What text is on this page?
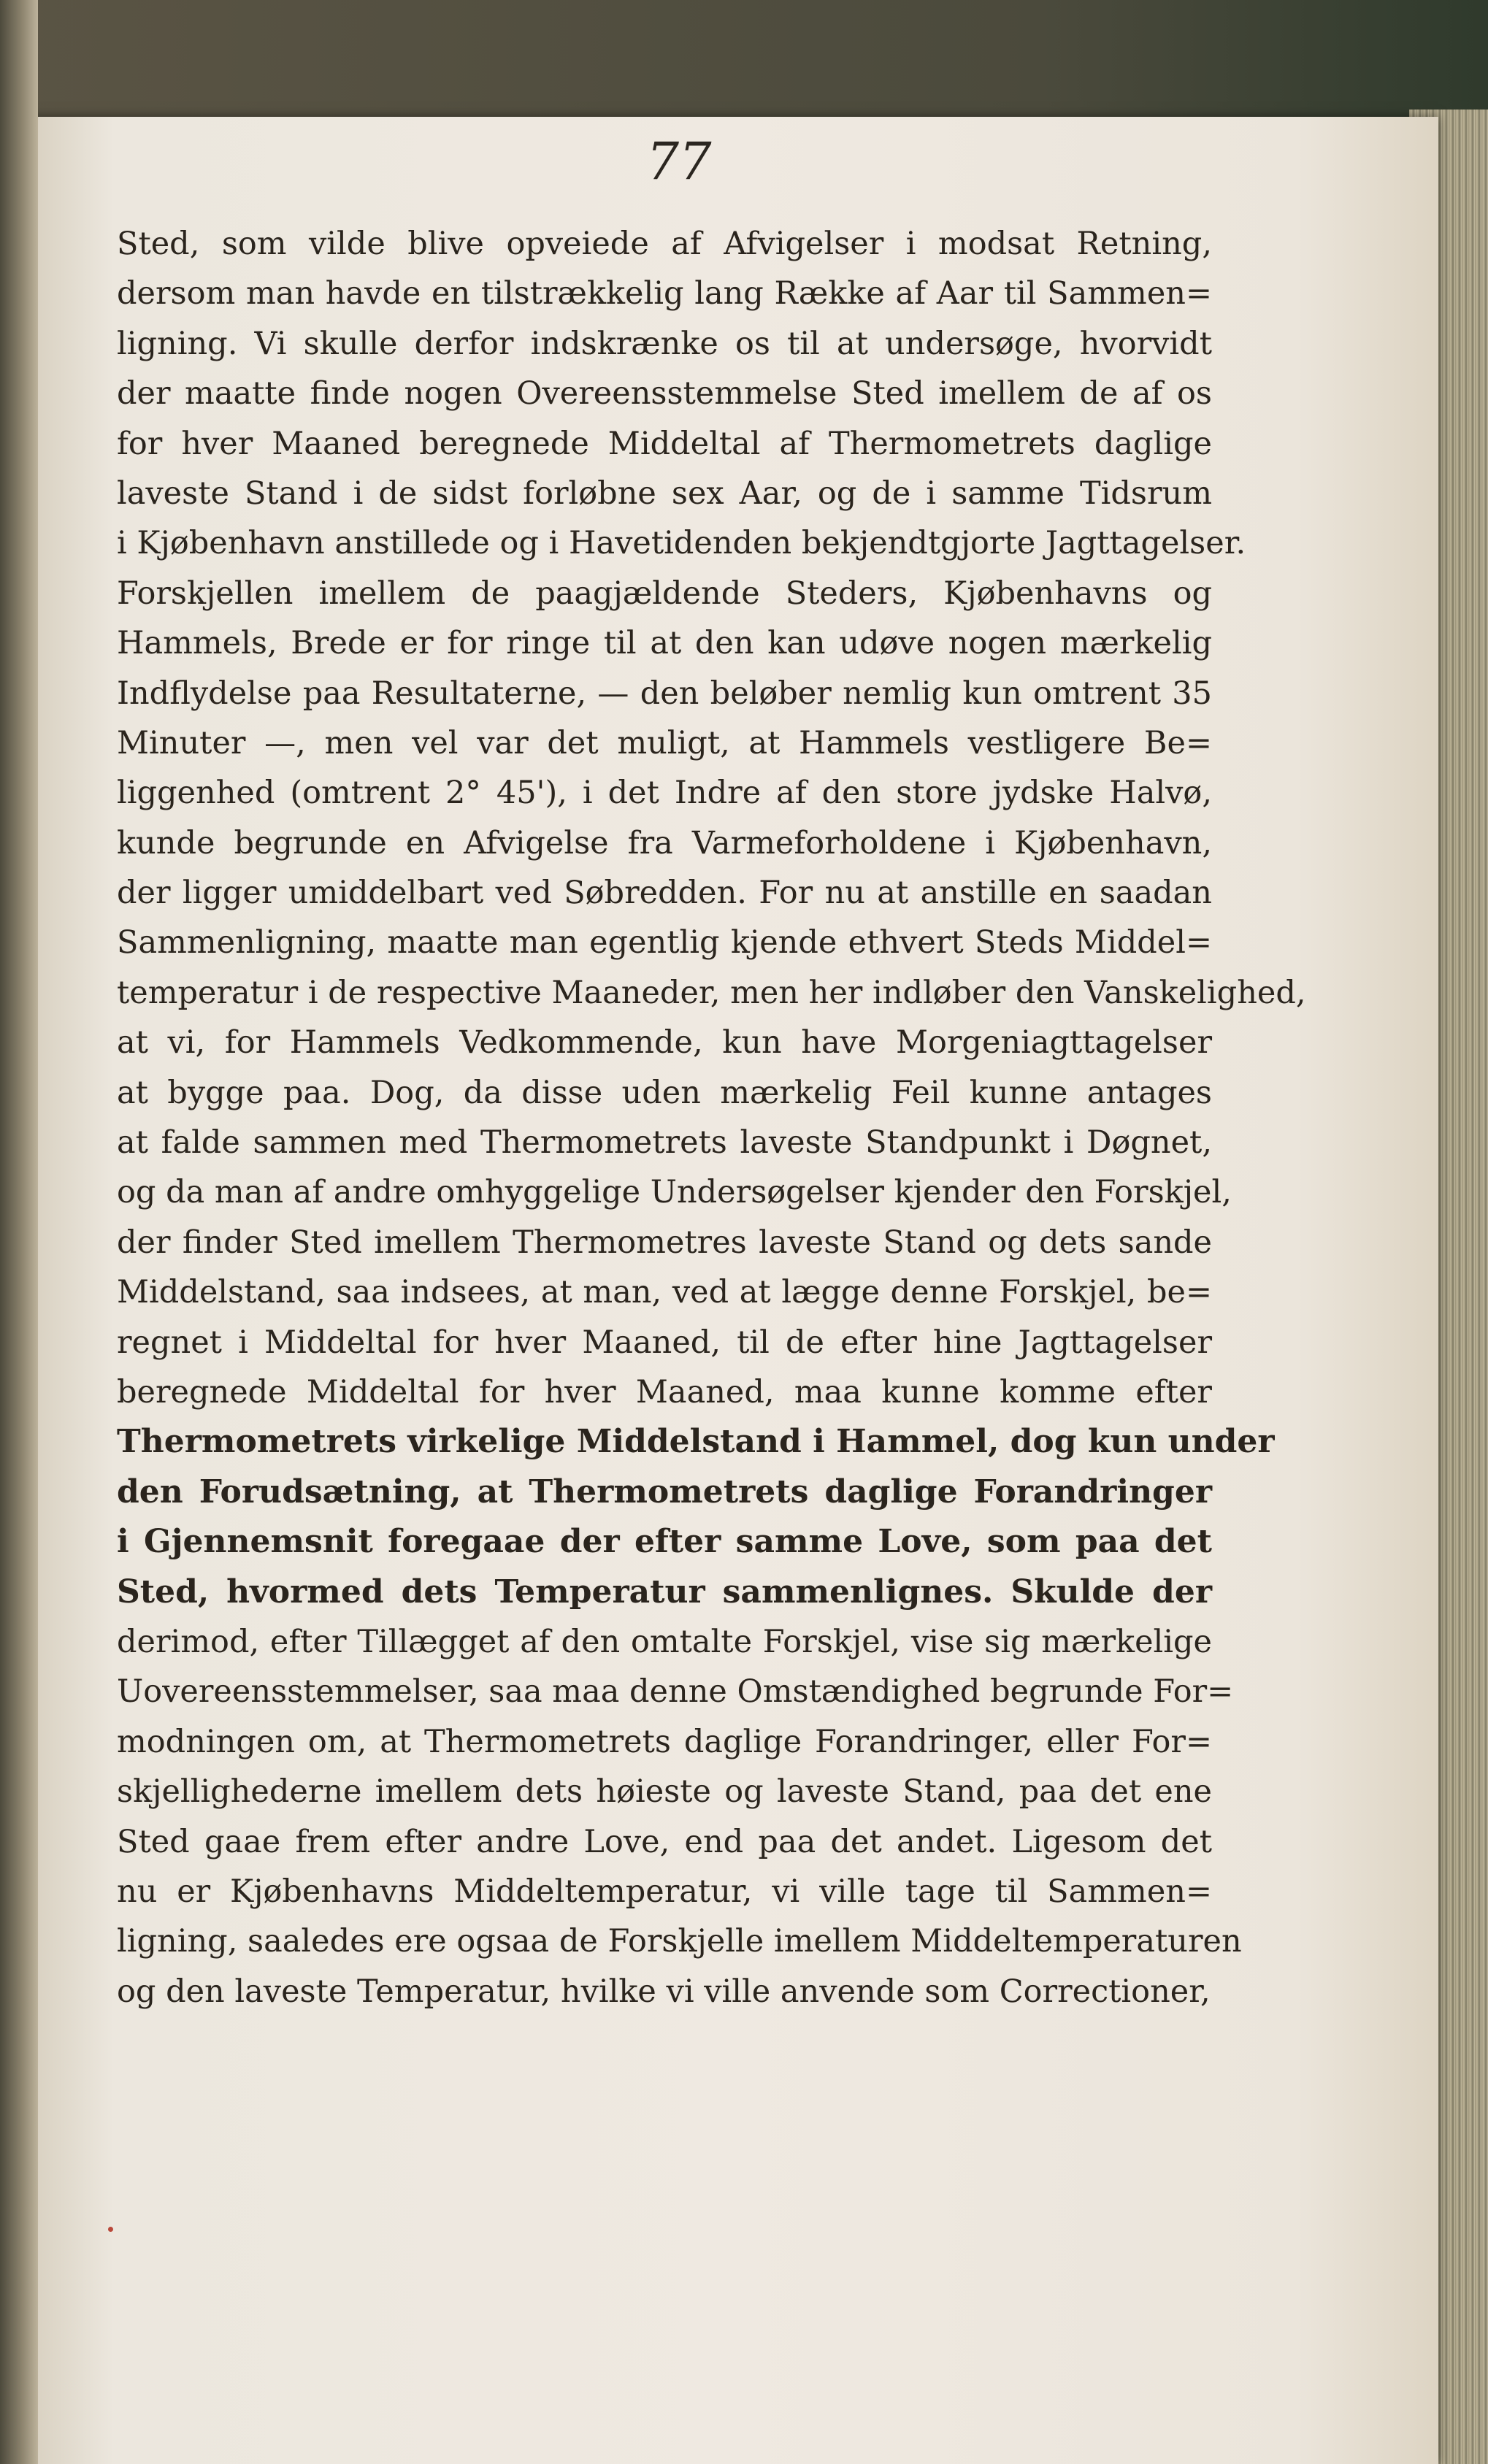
77
Sted, som vilde blive opveiede af Afvigelser i modsat Retning,
dersom man havde en tilstrækkelig lang Række af Aar til Sammen=
ligning. Vi skulle derfor indskrænke os til at undersøge, hvorvidt
der maatte finde nogen Overeensstemmelse Sted imellem de af os
for hver Maaned beregnede Middeltal af Thermometrets daglige
laveste Stand i de sidst forløbne sex Aar, og de i samme Tidsrum
i Kjøbenhavn anstillede og i Havetidenden bekjendtgjorte Jagttagelser.
Forskjellen imellem de paagjældende Steders, Kjøbenhavns og
Hammels, Brede er for ringe til at den kan udøve nogen mærkelig
Indflydelse paa Resultaterne, — den beløber nemlig kun omtrent 35
Minuter —, men vel var det muligt, at Hammels vestligere Be=
liggenhed (omtrent 2° 45'), i det Indre af den store jydske Halvø,
kunde begrunde en Afvigelse fra Varmeforholdene i Kjøbenhavn,
der ligger umiddelbart ved Søbredden. For nu at anstille en saadan
Sammenligning, maatte man egentlig kjende ethvert Steds Middel=
temperatur i de respective Maaneder, men her indløber den Vanskelighed,
at vi, for Hammels Vedkommende, kun have Morgeniagttagelser
at bygge paa. Dog, da disse uden mærkelig Feil kunne antages
at falde sammen med Thermometrets laveste Standpunkt i Døgnet,
og da man af andre omhyggelige Undersøgelser kjender den Forskjel,
der finder Sted imellem Thermometres laveste Stand og dets sande
Middelstand, saa indsees, at man, ved at lægge denne Forskjel, be=
regnet i Middeltal for hver Maaned, til de efter hine Jagttagelser
beregnede Middeltal for hver Maaned, maa kunne komme efter
Thermometrets virkelige Middelstand i Hammel, dog kun under
den Forudsætning, at Thermometrets daglige Forandringer
i Gjennemsnit foregaae der efter samme Love, som paa det
Sted, hvormed dets Temperatur sammenlignes. Skulde der
derimod, efter Tillægget af den omtalte Forskjel, vise sig mærkelige
Uovereensstemmelser, saa maa denne Omstændighed begrunde For=
modningen om, at Thermometrets daglige Forandringer, eller For=
skjellighederne imellem dets høieste og laveste Stand, paa det ene
Sted gaae frem efter andre Love, end paa det andet. Ligesom det
nu er Kjøbenhavns Middeltemperatur, vi ville tage til Sammen=
ligning, saaledes ere ogsaa de Forskjelle imellem Middeltemperaturen
og den laveste Temperatur, hvilke vi ville anvende som Correctioner,
